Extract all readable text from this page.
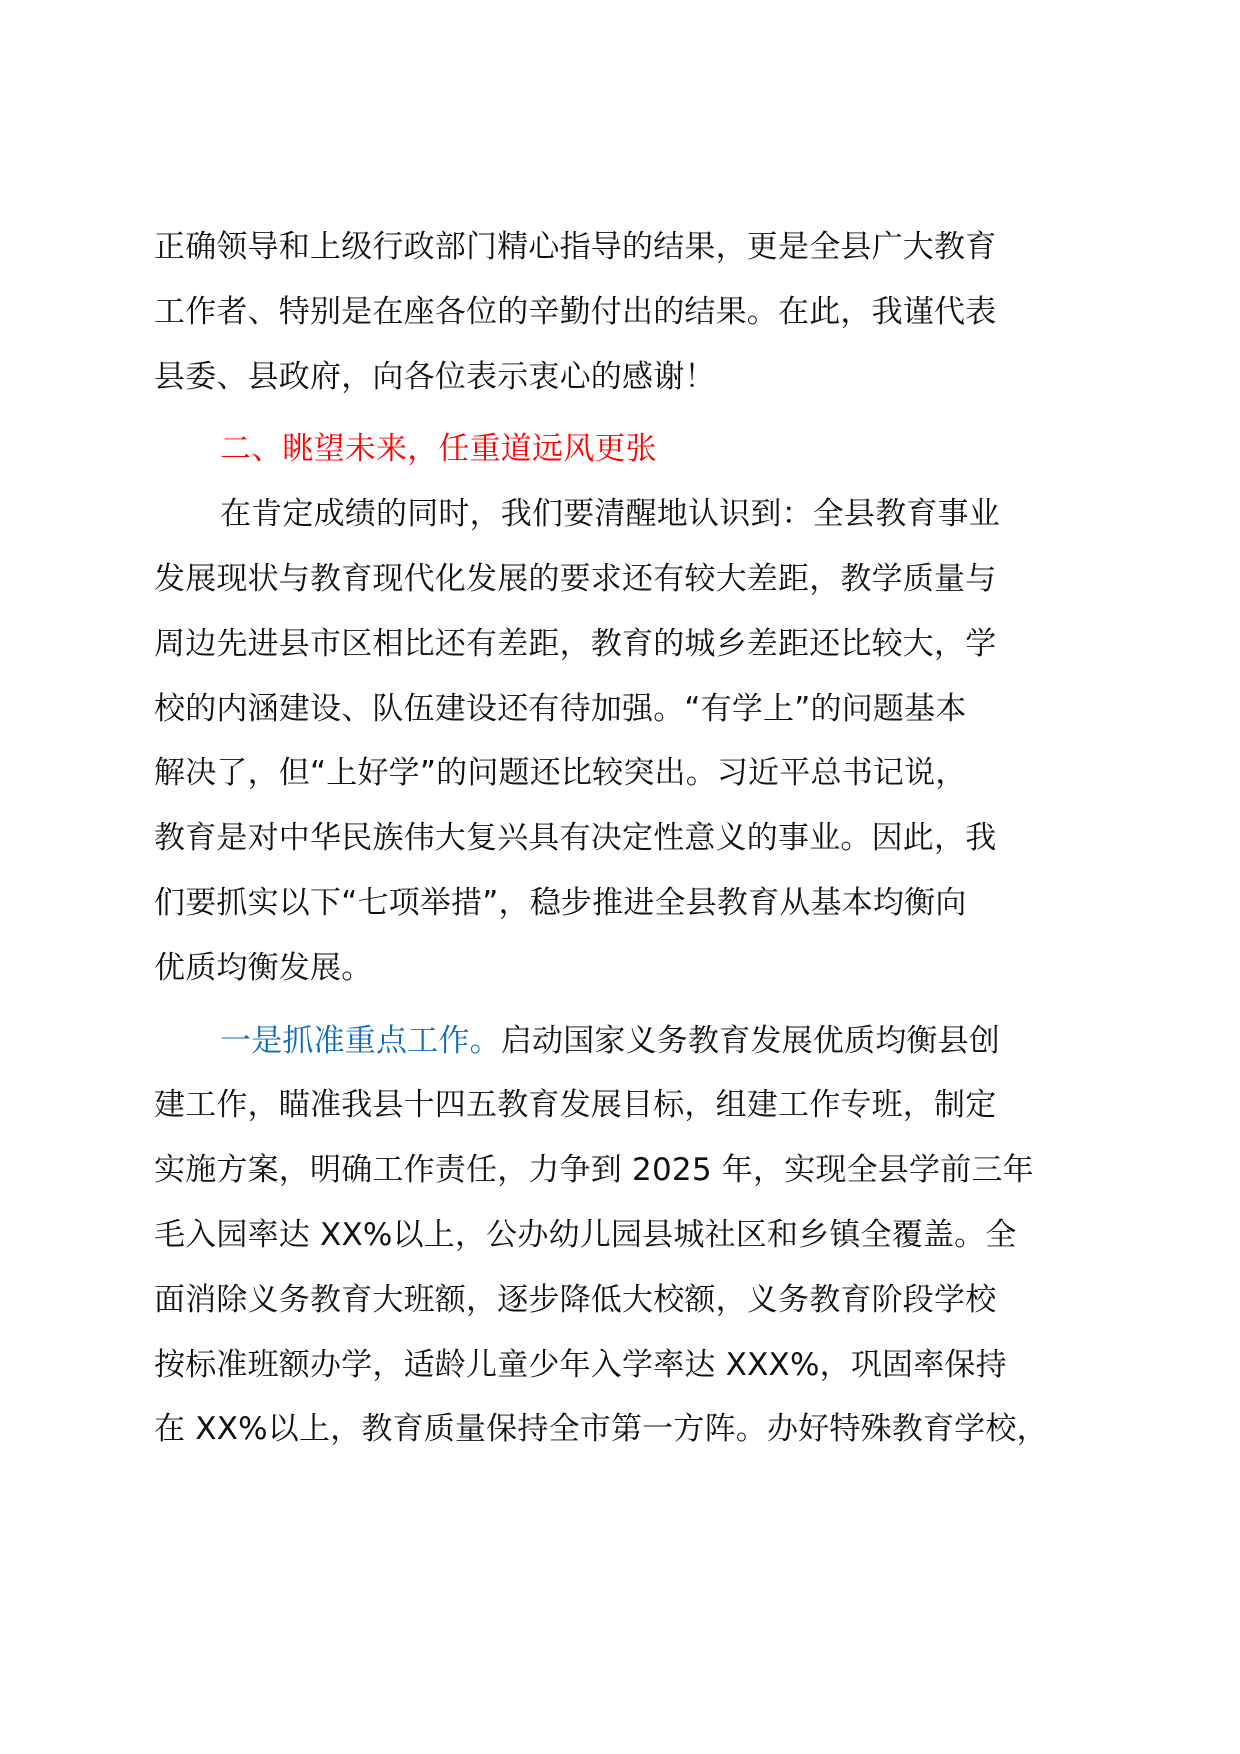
正确领导和上级行政部门精心指导的结果，更是全县广大教育
工作者、特别是在座各位的辛勤付出的结果。在此，我谨代表
县委、县政府，向各位表示衷心的感谢！
二、眺望未来，任重道远风更张
在肯定成绩的同时，我们要清醒地认识到：全县教育事业
发展现状与教育现代化发展的要求还有较大差距，教学质量与
周边先进县市区相比还有差距，教育的城乡差距还比较大，学
校的内涵建设、队伍建设还有待加强。“有学上”的问题基本
解决了，但“上好学”的问题还比较突出。习近平总书记说，
教育是对中华民族伟大复兴具有决定性意义的事业。因此，我
们要抓实以下“七项举措”，稳步推进全县教育从基本均衡向
优质均衡发展。
一是抓准重点工作。启动国家义务教育发展优质均衡县创
建工作，瞄准我县十四五教育发展目标，组建工作专班，制定
实施方案，明确工作责任，力争到 2025 年，实现全县学前三年
毛入园率达 XX%以上，公办幼儿园县城社区和乡镇全覆盖。全
面消除义务教育大班额，逐步降低大校额，义务教育阶段学校
按标准班额办学，适龄儿童少年入学率达 XXX%，巩固率保持
在 XX%以上，教育质量保持全市第一方阵。办好特殊教育学校，
